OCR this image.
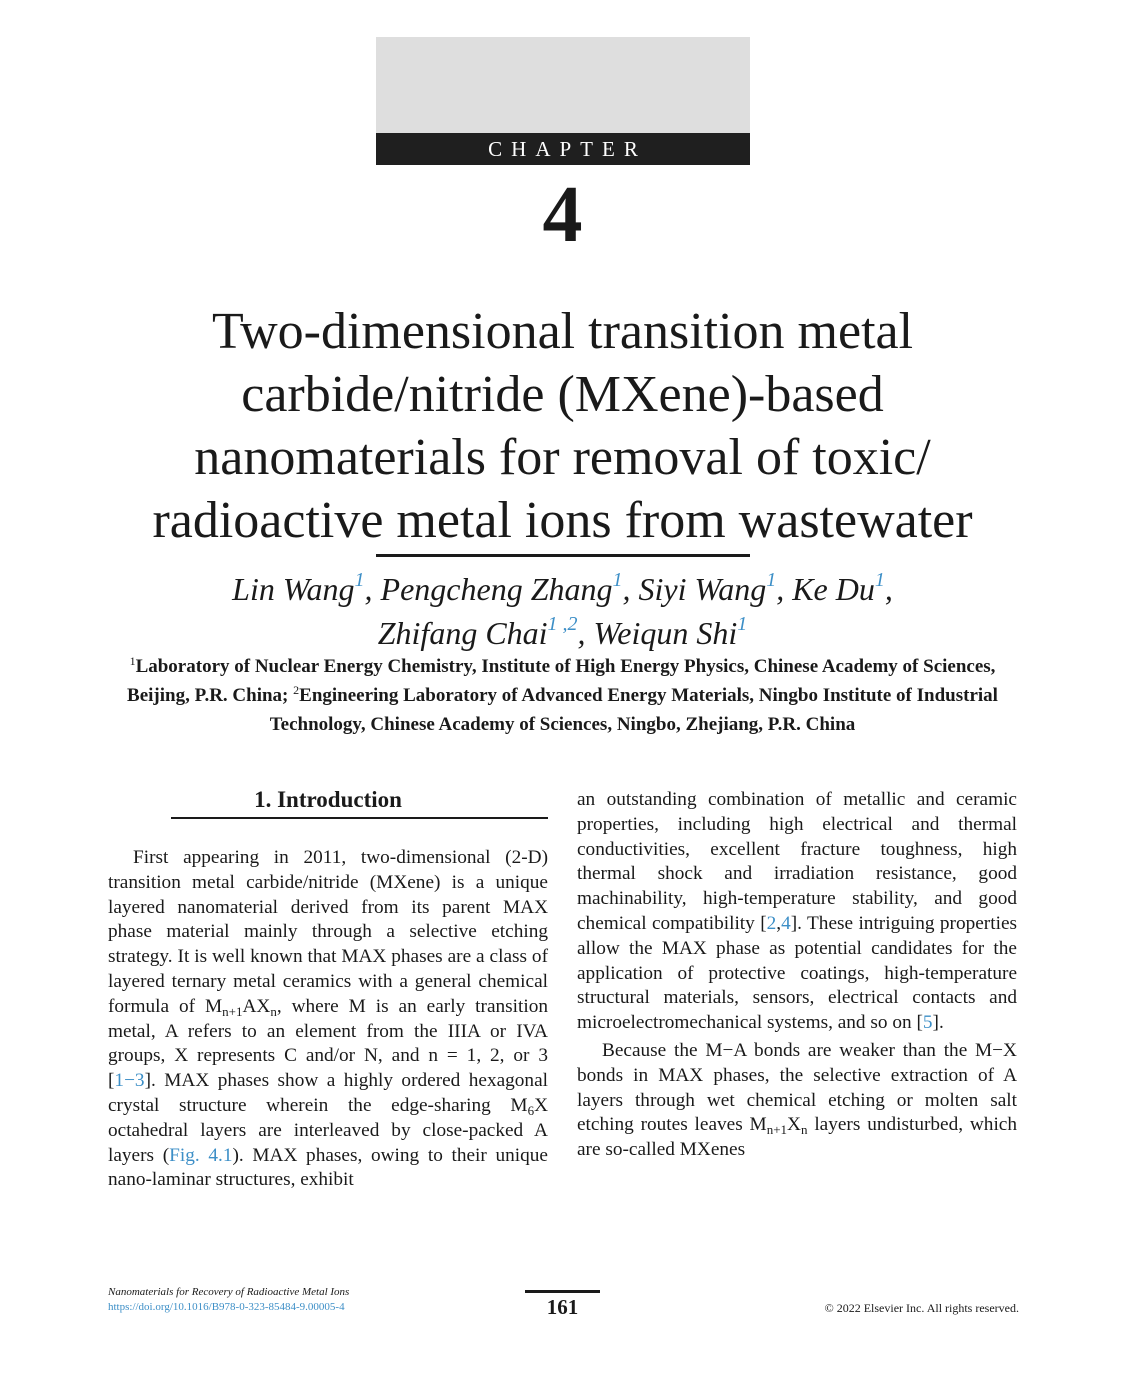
CHAPTER
4
Two-dimensional transition metal
carbide/nitride (MXene)-based
nanomaterials for removal of toxic/
radioactive metal ions from wastewater
Lin Wang$^1$, Pengcheng Zhang$^1$, Siyi Wang$^1$, Ke Du$^1$,
Zhifang Chai$^{1 ,2}$, Weiqun Shi$^1$
$^1$Laboratory of Nuclear Energy Chemistry, Institute of High Energy Physics, Chinese Academy of Sciences, Beijing, P.R. China; $^2$Engineering Laboratory of Advanced Energy Materials, Ningbo Institute of Industrial Technology, Chinese Academy of Sciences, Ningbo, Zhejiang, P.R. China
1. Introduction

First appearing in 2011, two-dimensional (2-D) transition metal carbide/nitride (MXene) is a unique layered nanomaterial derived from its parent MAX phase material mainly through a selective etching strategy. It is well known that MAX phases are a class of layered ternary metal ceramics with a general chemical formula of $M_{n+1}AX_n$, where M is an early transition metal, A refers to an element from the IIIA or IVA groups, X represents C and/or N, and n = 1, 2, or 3 [1−3]. MAX phases show a highly ordered hexagonal crystal structure wherein the edge-sharing $M_6X$ octahedral layers are interleaved by close-packed A layers (Fig. 4.1). MAX phases, owing to their unique nano-laminar structures, exhibit

an outstanding combination of metallic and ceramic properties, including high electrical and thermal conductivities, excellent fracture toughness, high thermal shock and irradiation resistance, good machinability, high-temperature stability, and good chemical compatibility [2,4]. These intriguing properties allow the MAX phase as potential candidates for the application of protective coatings, high-temperature structural materials, sensors, electrical contacts and microelectromechanical systems, and so on [5].

Because the M−A bonds are weaker than the M−X bonds in MAX phases, the selective extraction of A layers through wet chemical etching or molten salt etching routes leaves $M_{n+1}X_n$ layers undisturbed, which are so-called MXenes

Nanomaterials for Recovery of Radioactive Metal Ions
https://doi.org/10.1016/B978-0-323-85484-9.00005-4	161	© 2022 Elsevier Inc. All rights reserved.
